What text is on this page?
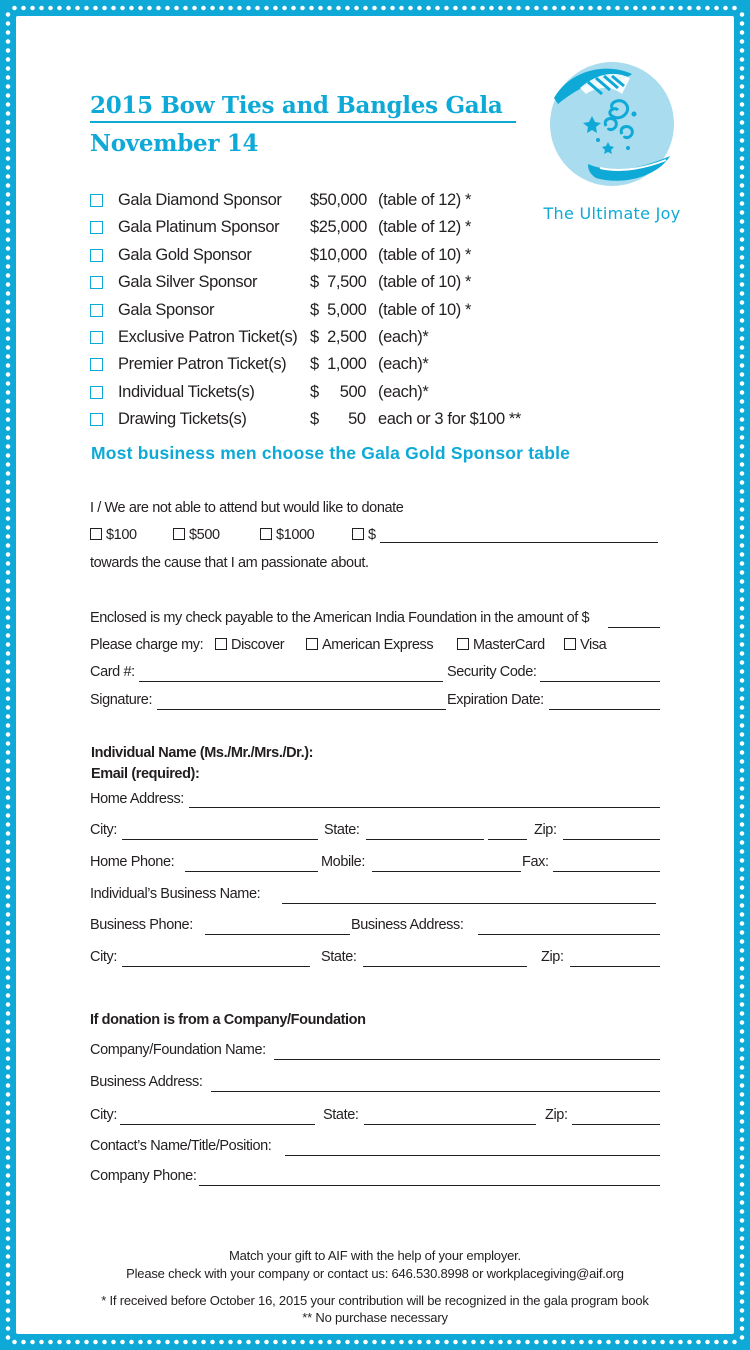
2015 Bow Ties and Bangles Gala
November 14
The Ultimate Joy
Gala Diamond Sponsor	$50,000 (table of 12) *
Gala Platinum Sponsor	$25,000 (table of 12) *
Gala Gold Sponsor	$10,000 (table of 10) *
Gala Silver Sponsor	$  7,500 (table of 10) *
Gala Sponsor	$  5,000 (table of 10) *
Exclusive Patron Ticket(s) $  2,500 (each)*
Premier Patron Ticket(s)	$  1,000 (each)*
Individual Tickets(s)	$     500 (each)*
Drawing Tickets(s)	$       50 each or 3 for $100 **
Most business men choose the Gala Gold Sponsor table
I / We are not able to attend but would like to donate
$100	$500	$1000	$
towards the cause that I am passionate about.
Enclosed is my check payable to the American India Foundation in the amount of $
Please charge my:	Discover	American Express	MasterCard	Visa
Card #:	Security Code:
Signature:	Expiration Date:
Individual Name (Ms./Mr./Mrs./Dr.):
Email (required):
Home Address:
City:	State:	Zip:
Home Phone:	Mobile:	Fax:
Individual’s Business Name:
Business Phone:	Business Address:
City:	State:	Zip:
If donation is from a Company/Foundation
Company/Foundation Name:
Business Address:
City:	State:	Zip:
Contact’s Name/Title/Position:
Company Phone:
Match your gift to AIF with the help of your employer.
Please check with your company or contact us: 646.530.8998 or workplacegiving@aif.org
* If received before October 16, 2015 your contribution will be recognized in the gala program book
** No purchase necessary
